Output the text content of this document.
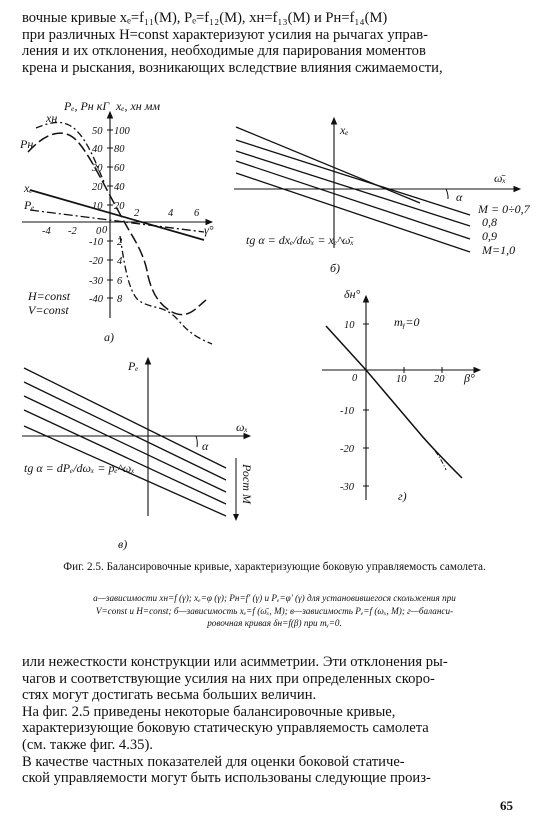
вочные кривые xₑ=f₁₁(M), Pₑ=f₁₂(M), xн=f₁₃(M) и Pн=f₁₄(M)
при различных H=const характеризуют усилия на рычагах управ-
ления и их отклонения, необходимые для парирования моментов
крена и рыскания, возникающих вследствие влияния сжимаемости,
50
40
30
20
10
0
-10
-20
-30
-40
100
80
60
40
20
2
4
6
8
-4 -2 0
2	4 6
γ°
xн
Pₑ, Pн кГ xₑ, xн мм
Pн
xₑ
Pₑ
H=const
V=const
а)
xₑ
ω̄ₓ
α
M = 0÷0,7
0,8
0,9
M=1,0
tg α = dxₑ/dω̄ₓ = xₑ^ω̄ₓ
б)
Pₑ
ωₓ
α
Рост M
tg α = dPₑ/dωₓ = pₑ^ωₓ
в)
δн°
β°
10
0
-10
-20
-30
10	20
mᵧ=0
г)
Фиг. 2.5. Балансировочные кривые, характеризующие боковую управляемость самолета.
а—зависимости xн=f (γ); xₑ=φ (γ); Pн=f' (γ) и Pₑ=φ' (γ) для установившегося скольжения при
V=const и H=const; б—зависимость xₑ=f (ω̄ₓ, M); в—зависимость Pₑ=f (ωₓ, M); г—баланси-
ровочная кривая δн=f(β) при mᵧ=0.
или нежесткости конструкции или асимметрии. Эти отклонения ры-
чагов и соответствующие усилия на них при определенных скоро-
стях могут достигать весьма больших величин.
На фиг. 2.5 приведены некоторые балансировочные кривые,
характеризующие боковую статическую управляемость самолета
(см. также фиг. 4.35).
В качестве частных показателей для оценки боковой статиче-
ской управляемости могут быть использованы следующие произ-
65
